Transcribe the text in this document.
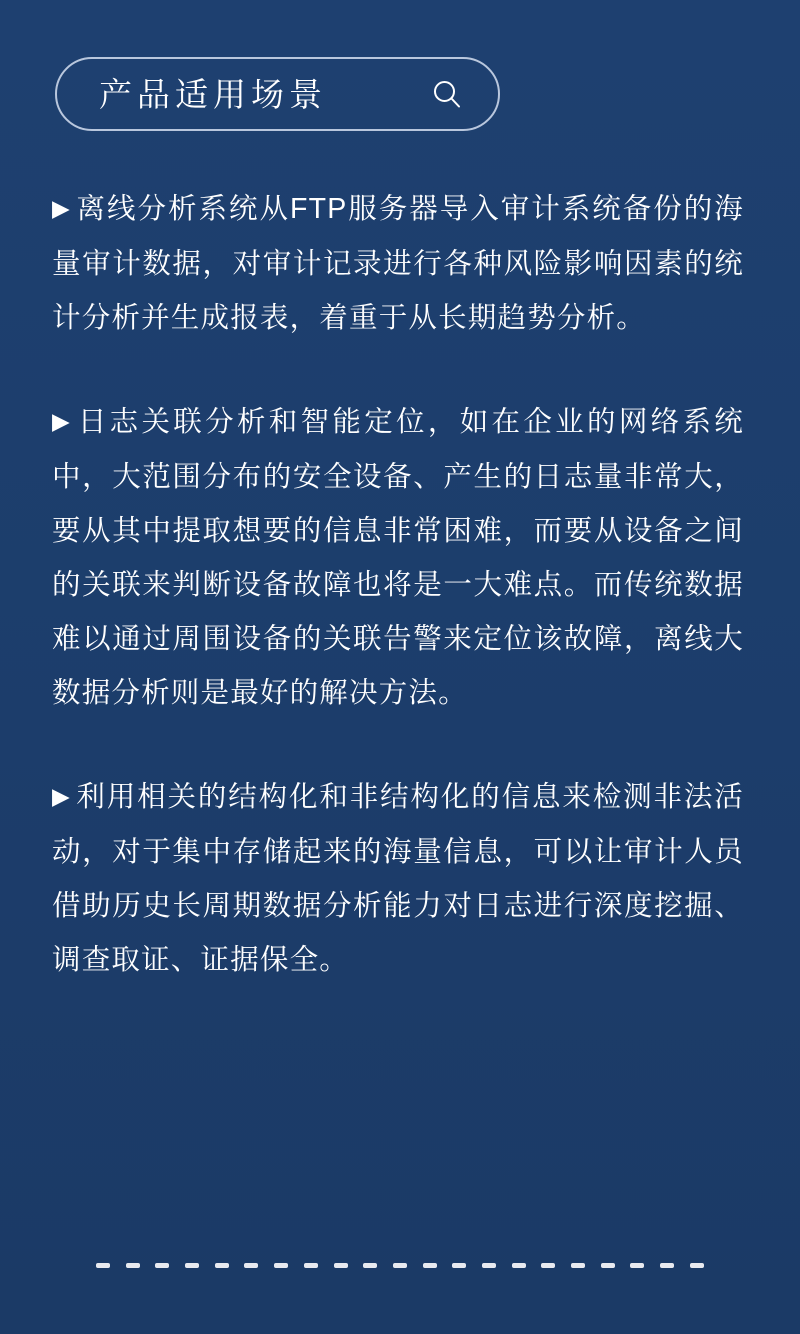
产品适用场景

▶ 离线分析系统从FTP服务器导入审计系统备份的海量审计数据，对审计记录进行各种风险影响因素的统计分析并生成报表，着重于从长期趋势分析。

▶ 日志关联分析和智能定位，如在企业的网络系统中，大范围分布的安全设备、产生的日志量非常大，要从其中提取想要的信息非常困难，而要从设备之间的关联来判断设备故障也将是一大难点。而传统数据难以通过周围设备的关联告警来定位该故障，离线大数据分析则是最好的解决方法。

▶ 利用相关的结构化和非结构化的信息来检测非法活动，对于集中存储起来的海量信息，可以让审计人员借助历史长周期数据分析能力对日志进行深度挖掘、调查取证、证据保全。
